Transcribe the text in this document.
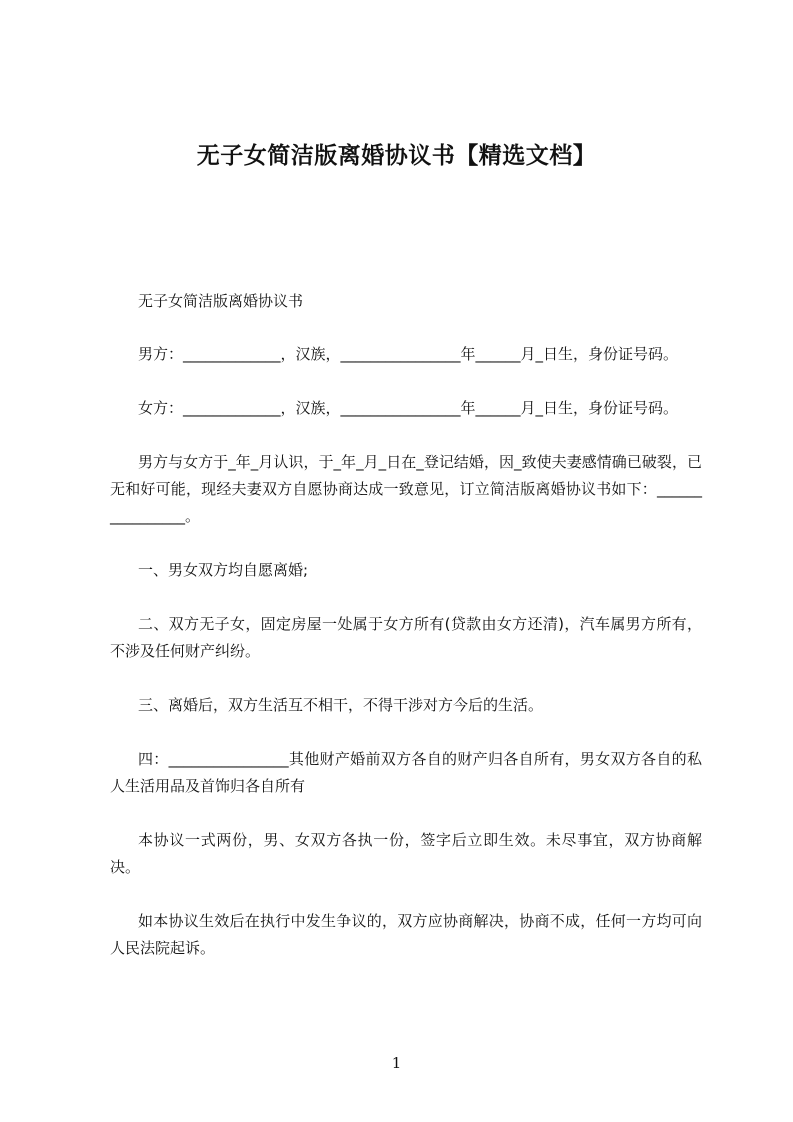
无子女简洁版离婚协议书【精选文档】

无子女简洁版离婚协议书

男方：_____________，汉族，________________年______月_日生，身份证号码。

女方：_____________，汉族，________________年______月_日生，身份证号码。

男方与女方于_年_月认识，于_年_月_日在_登记结婚，因_致使夫妻感情确已破裂，已无和好可能，现经夫妻双方自愿协商达成一致意见，订立简洁版离婚协议书如下：________________。

一、男女双方均自愿离婚;

二、双方无子女，固定房屋一处属于女方所有(贷款由女方还清)，汽车属男方所有，不涉及任何财产纠纷。

三、离婚后，双方生活互不相干，不得干涉对方今后的生活。

四：________________其他财产婚前双方各自的财产归各自所有，男女双方各自的私人生活用品及首饰归各自所有

本协议一式两份，男、女双方各执一份，签字后立即生效。未尽事宜，双方协商解决。

如本协议生效后在执行中发生争议的，双方应协商解决，协商不成，任何一方均可向人民法院起诉。

1
